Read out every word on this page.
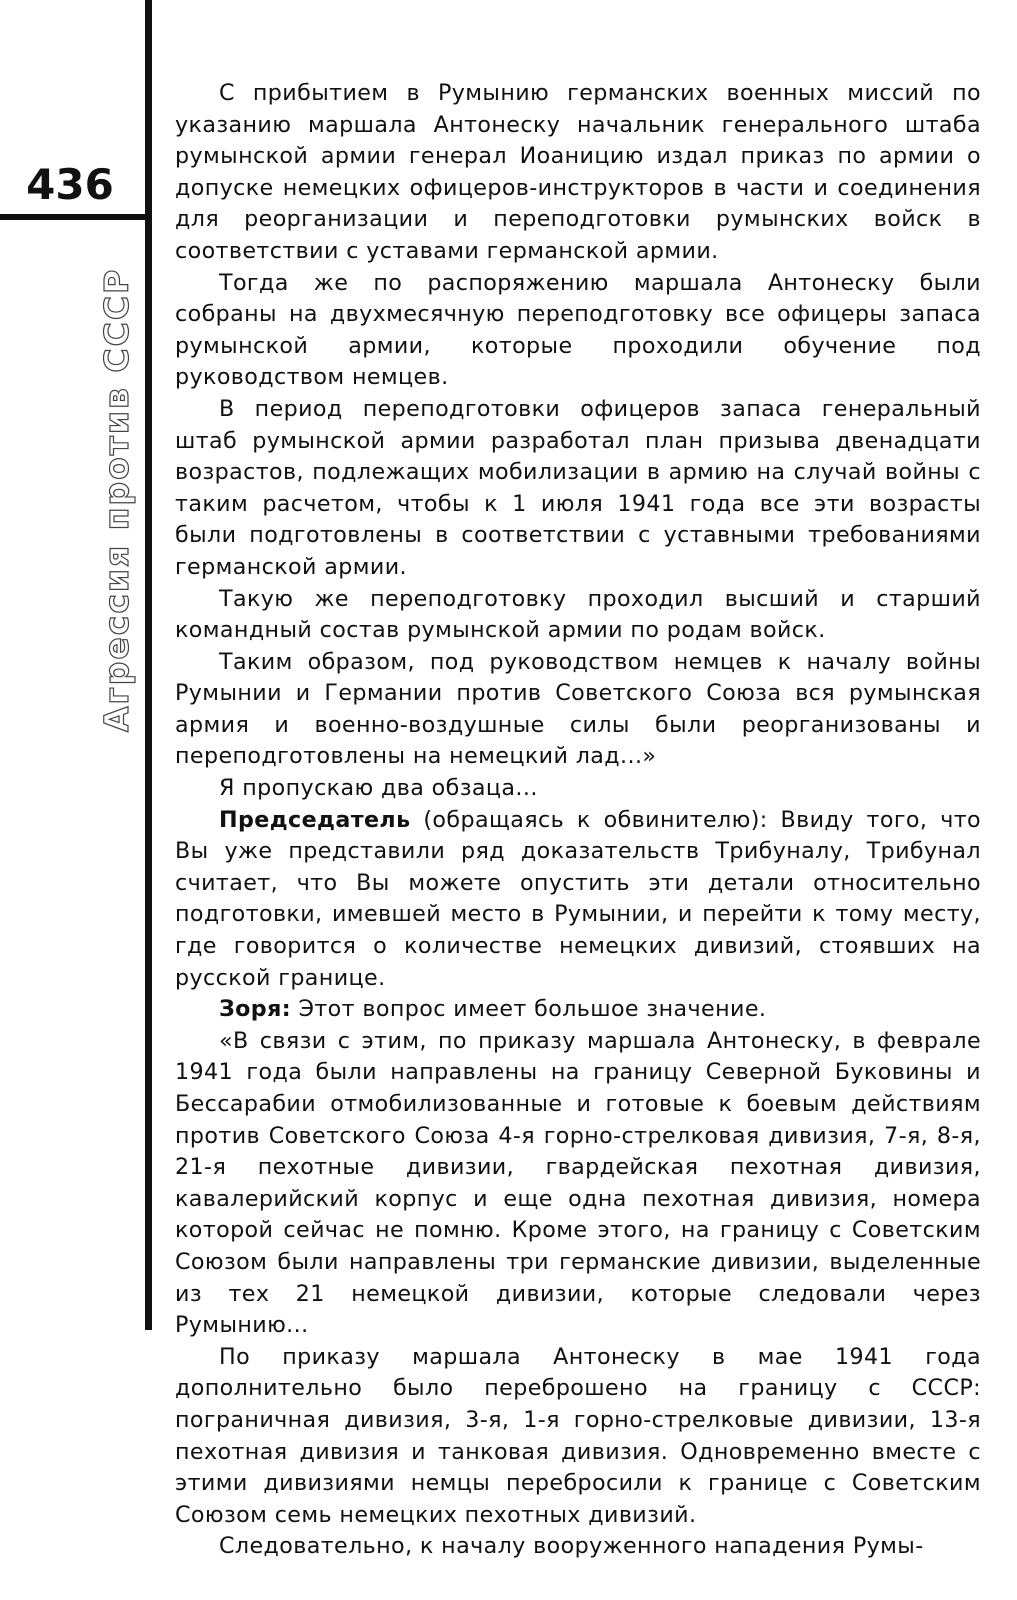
436
Агрессия против СССР

С прибытием в Румынию германских военных миссий по указанию маршала Антонеску начальник генерального штаба румынской армии генерал Иоаницию издал приказ по армии о допуске немецких офицеров-инструкторов в части и соединения для реорганизации и переподготовки румынских войск в соответствии с уставами германской армии.

Тогда же по распоряжению маршала Антонеску были собраны на двухмесячную переподготовку все офицеры запаса румынской армии, которые проходили обучение под руководством немцев.

В период переподготовки офицеров запаса генеральный штаб румынской армии разработал план призыва двенадцати возрастов, подлежащих мобилизации в армию на случай войны с таким расчетом, чтобы к 1 июля 1941 года все эти возрасты были подготовлены в соответствии с уставными требованиями германской армии.

Такую же переподготовку проходил высший и старший командный состав румынской армии по родам войск.

Таким образом, под руководством немцев к началу войны Румынии и Германии против Советского Союза вся румынская армия и военно-воздушные силы были реорганизованы и переподготовлены на немецкий лад...»

Я пропускаю два обзаца...

Председатель (обращаясь к обвинителю): Ввиду того, что Вы уже представили ряд доказательств Трибуналу, Трибунал считает, что Вы можете опустить эти детали относительно подготовки, имевшей место в Румынии, и перейти к тому месту, где говорится о количестве немецких дивизий, стоявших на русской границе.

Зоря: Этот вопрос имеет большое значение.

«В связи с этим, по приказу маршала Антонеску, в феврале 1941 года были направлены на границу Северной Буковины и Бессарабии отмобилизованные и готовые к боевым действиям против Советского Союза 4-я горно-стрелковая дивизия, 7-я, 8-я, 21-я пехотные дивизии, гвардейская пехотная дивизия, кавалерийский корпус и еще одна пехотная дивизия, номера которой сейчас не помню. Кроме этого, на границу с Советским Союзом были направлены три германские дивизии, выделенные из тех 21 немецкой дивизии, которые следовали через Румынию...

По приказу маршала Антонеску в мае 1941 года дополнительно было переброшено на границу с СССР: пограничная дивизия, 3-я, 1-я горно-стрелковые дивизии, 13-я пехотная дивизия и танковая дивизия. Одновременно вместе с этими дивизиями немцы перебросили к границе с Советским Союзом семь немецких пехотных дивизий.

Следовательно, к началу вооруженного нападения Румы-
